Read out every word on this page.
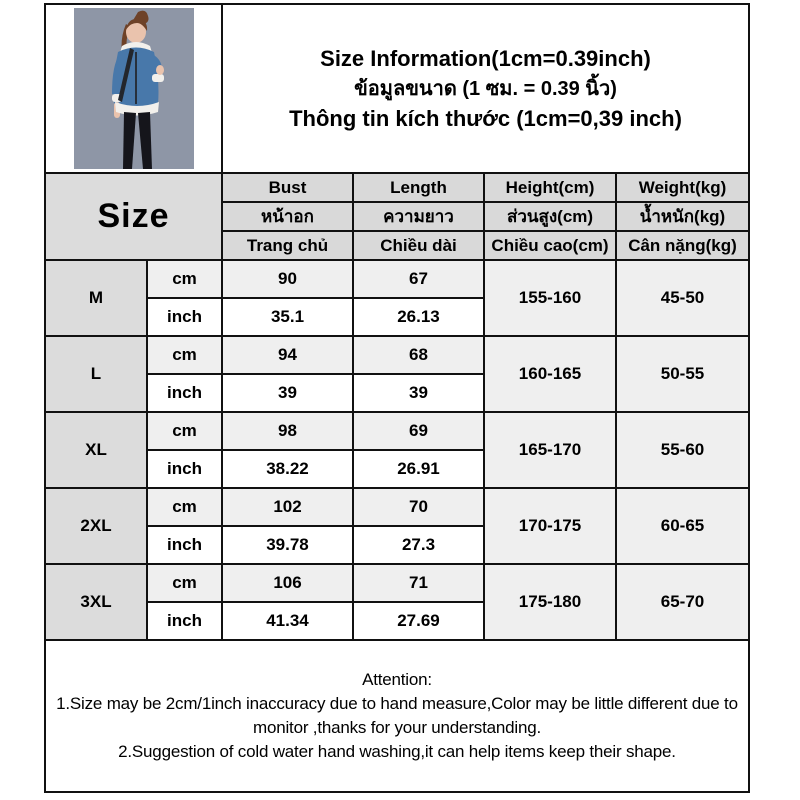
Size Information(1cm=0.39inch)
ข้อมูลขนาด (1 ซม. = 0.39 นิ้ว)
Thông tin kích thước (1cm=0,39 inch)			

Size		Bust	Length	Height(cm)	Weight(kg)
		หน้าอก	ความยาว	ส่วนสูง(cm)	น้ำหนัก(kg)
		Trang chủ	Chiều dài	Chiều cao(cm)	Cân nặng(kg)
M	cm	90	67	155-160	45-50
	inch	35.1	26.13		
L	cm	94	68	160-165	50-55
	inch	39	39		
XL	cm	98	69	165-170	55-60
	inch	38.22	26.91		
2XL	cm	102	70	170-175	60-65
	inch	39.78	27.3		
3XL	cm	106	71	175-180	65-70
	inch	41.34	27.69		

Attention:
1.Size may be 2cm/1inch inaccuracy due to hand measure,Color may be little different due to monitor ,thanks for your understanding.
2.Suggestion of cold water hand washing,it can help items keep their shape.					
